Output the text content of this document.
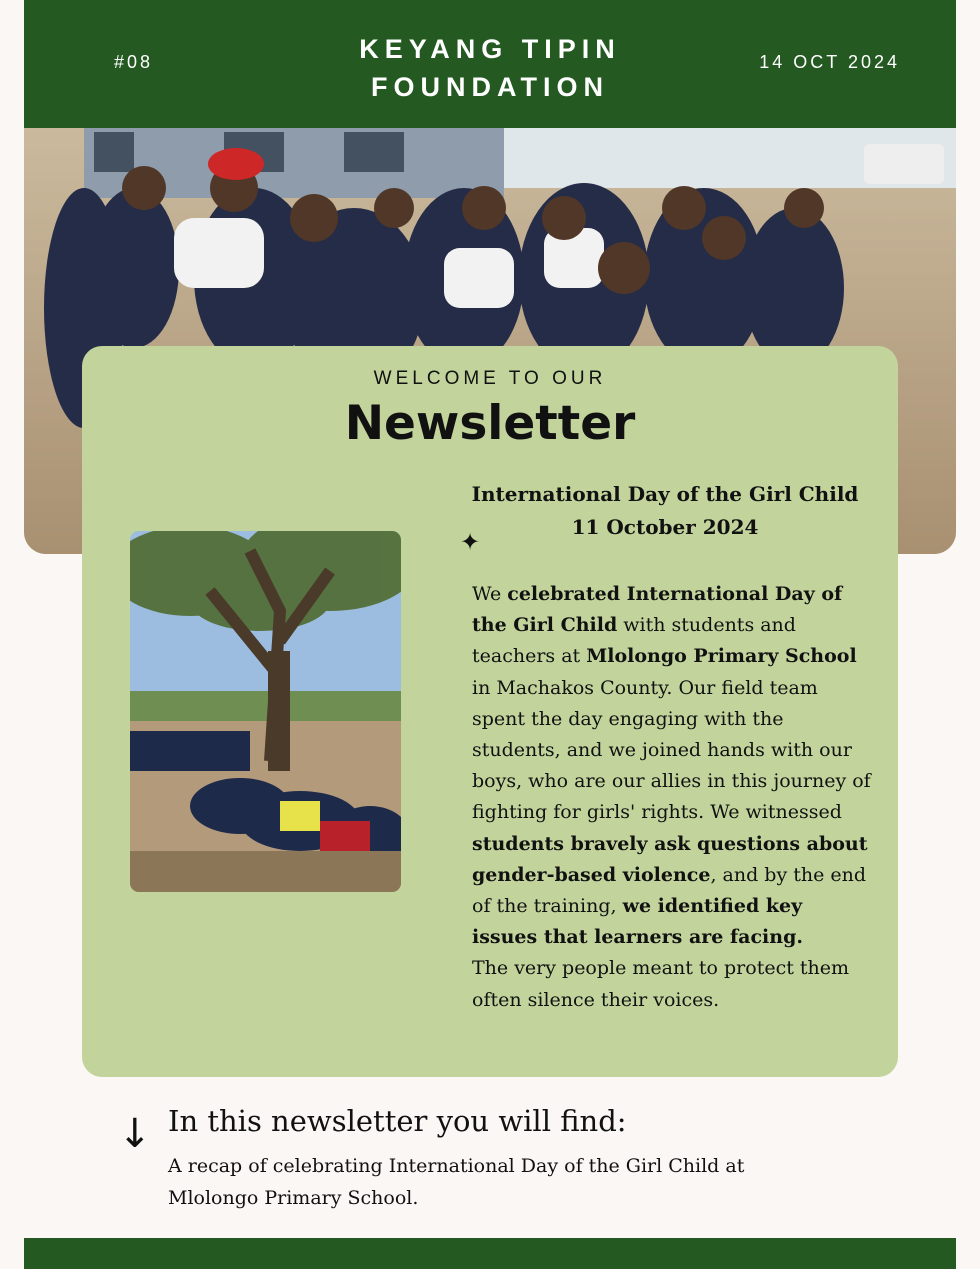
#08	KEYANG TIPIN
FOUNDATION
14 OCT 2024
WELCOME TO OUR
Newsletter
International Day of the Girl Child
11 October 2024
✦
We celebrated International Day of the Girl Child with students and teachers at Mlolongo Primary School in Machakos County. Our field team spent the day engaging with the students, and we joined hands with our boys, who are our allies in this journey of fighting for girls' rights. We witnessed students bravely ask questions about gender-based violence, and by the end of the training, we identified key issues that learners are facing.
The very people meant to protect them often silence their voices.
↓ In this newsletter you will find:
A recap of celebrating International Day of the Girl Child at Mlolongo Primary School.
